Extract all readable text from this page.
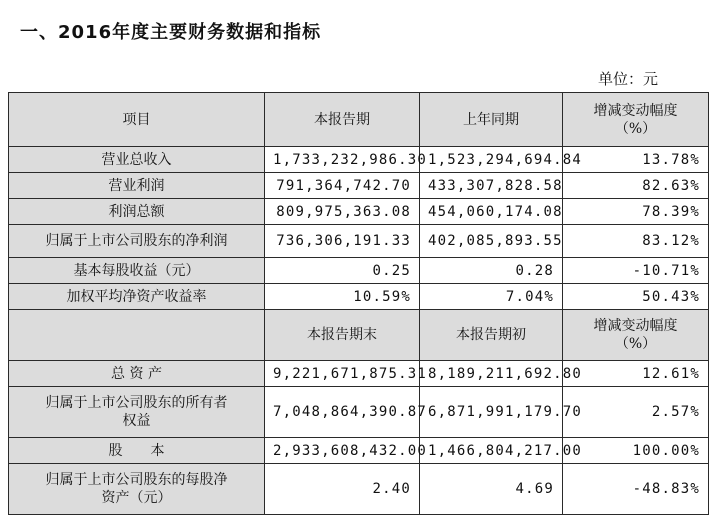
一、2016年度主要财务数据和指标
单位：元
项目	本报告期	上年同期	增减变动幅度
（%）

营业总收入	1,733,232,986.30	1,523,294,694.84	13.78%
营业利润	791,364,742.70	433,307,828.58	82.63%
利润总额	809,975,363.08	454,060,174.08	78.39%
归属于上市公司股东的净利润	736,306,191.33	402,085,893.55	83.12%
基本每股收益（元）	0.25	0.28	-10.71%
加权平均净资产收益率	10.59%	7.04%	50.43%
	本报告期末	本报告期初	增减变动幅度
（%）

总 资 产	9,221,671,875.31	8,189,211,692.80	12.61%

归属于上市公司股东的所有者
权益	7,048,864,390.87	6,871,991,179.70	2.57%
股　　本	2,933,608,432.00	1,466,804,217.00	100.00%

归属于上市公司股东的每股净
资产（元）	2.40	4.69	-48.83%
